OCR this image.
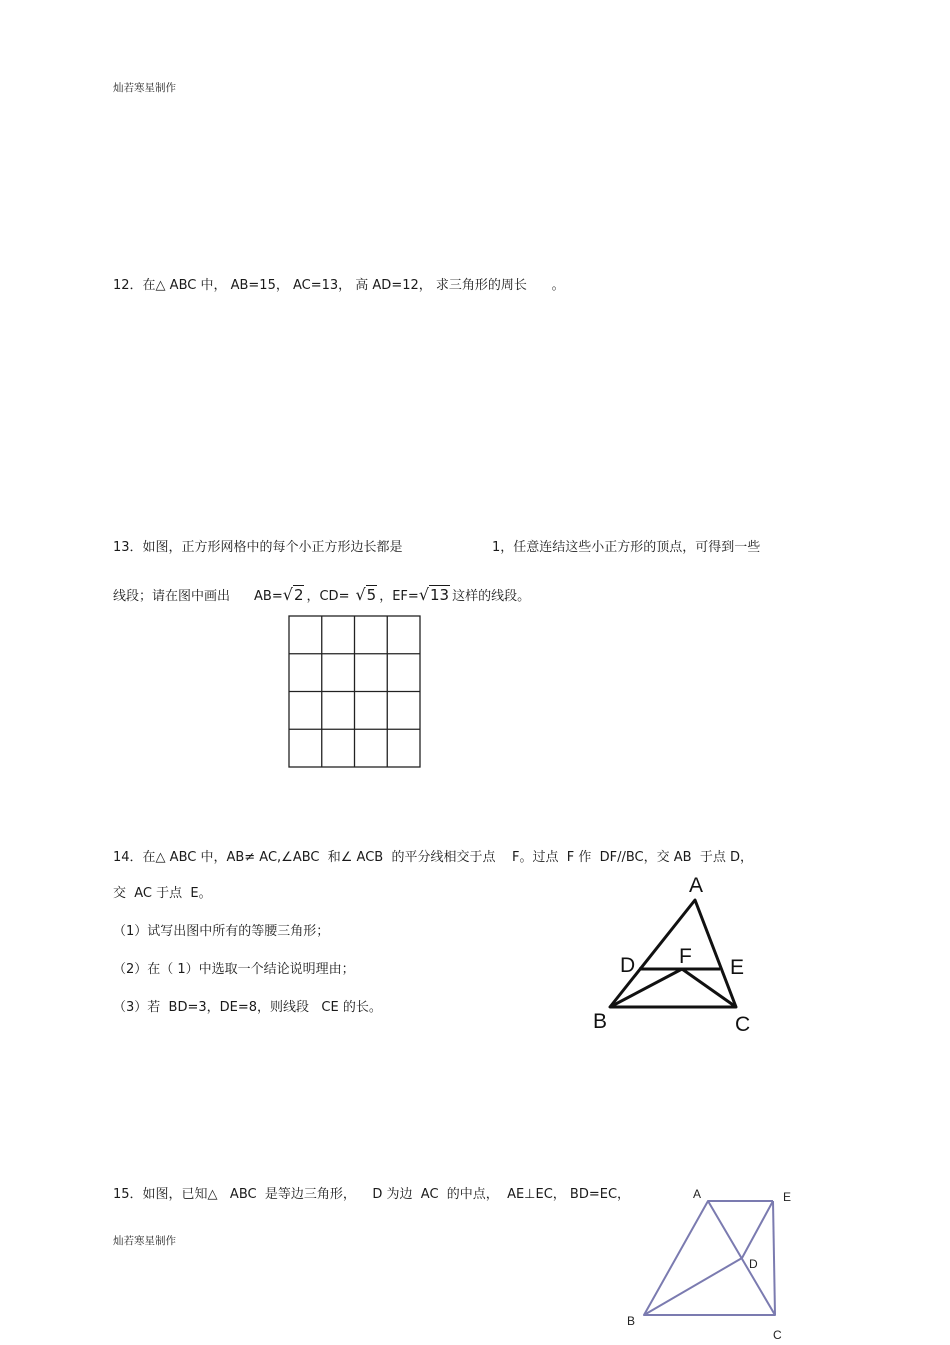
灿若寒星制作
12．在△ ABC 中， AB=15， AC=13， 高 AD=12， 求三角形的周长      。
13．如图，正方形网格中的每个小正方形边长都是	1，任意连结这些小正方形的顶点，可得到一些
线段；请在图中画出 AB= √2 ，CD= √5 ，EF= √13 这样的线段。
14．在△ ABC 中，AB≠ AC,∠ABC  和∠ ACB  的平分线相交于点    F。过点  F 作  DF//BC，交 AB  于点 D，
交  AC 于点  E。
（1）试写出图中所有的等腰三角形；
（2）在（ 1）中选取一个结论说明理由；
（3）若  BD=3，DE=8，则线段   CE 的长。
A
B	C
D	E
F
15．如图，已知△   ABC  是等边三角形，    D 为边  AC  的中点，  AE⊥EC， BD=EC，	A	E
D
B
C
灿若寒星制作
